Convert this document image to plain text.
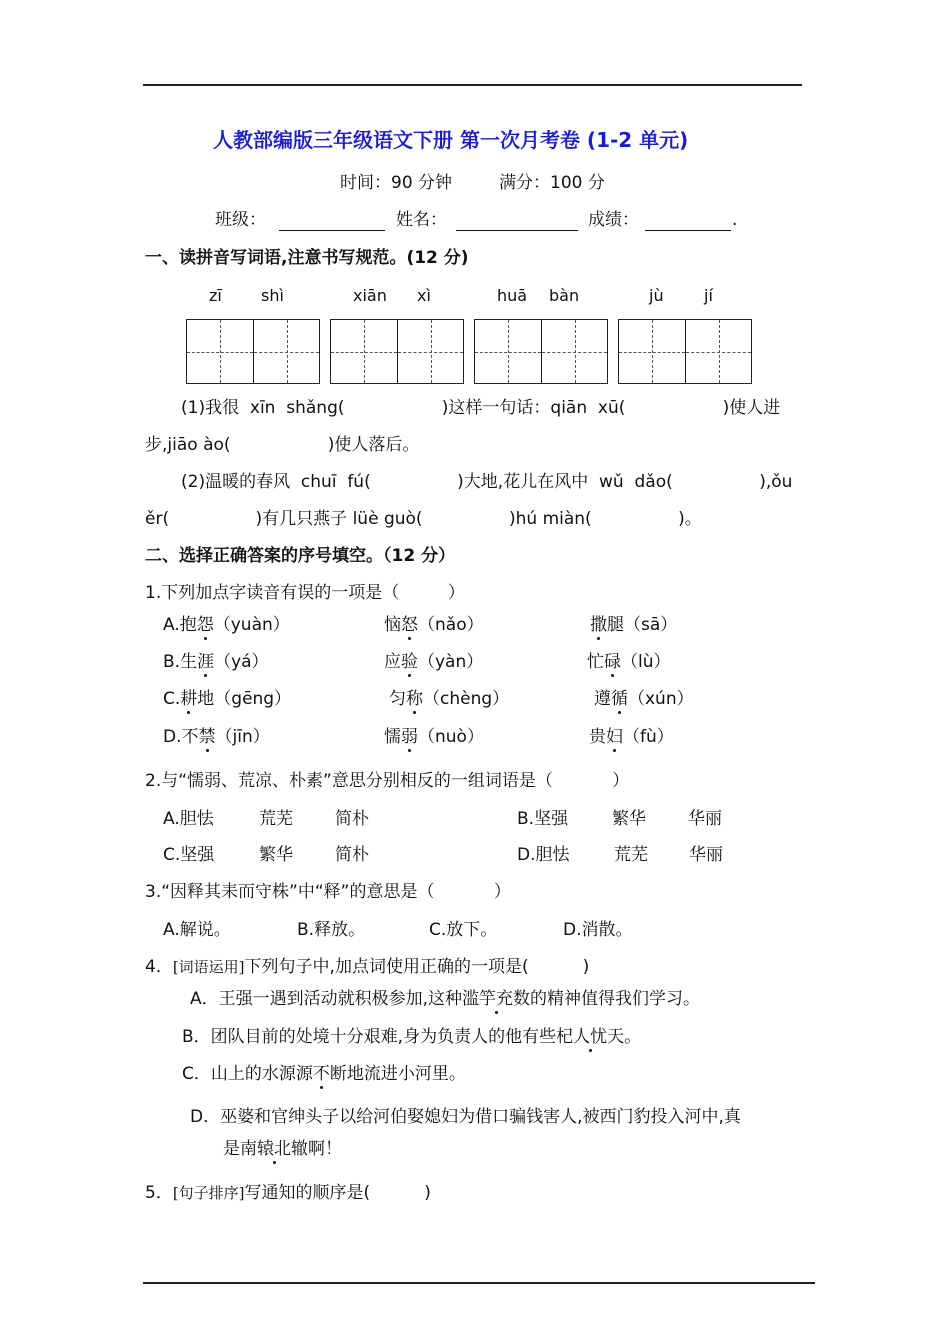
人教部编版三年级语文下册 第一次月考卷 (1-2 单元)
时间：90 分钟	满分：100 分
班级：	姓名：	成绩：	.
一、读拼音写词语,注意书写规范。(12 分)
zī shì	xiān xì	huā bàn	jù	jí
(1)我很  xīn  shǎng(                  )这样一句话：qiān  xū(                  )使人进
步,jiāo ào(                  )使人落后。
(2)温暖的春风  chuī  fú(                )大地,花儿在风中  wǔ  dǎo(                ),ǒu
ěr(                )有几只燕子 lüè guò(                )hú miàn(                )。
二、选择正确答案的序号填空。（12 分）
1.下列加点字读音有误的一项是（         ）
A.抱怨（yuàn）	恼怒（nǎo）	撒腿（sā）
B.生涯（yá）	应验（yàn）	忙碌（lù）
C.耕地（gēng）	匀称（chèng）	遵循（xún）
D.不禁（jīn）	懦弱（nuò）	贵妇（fù）
2.与“懦弱、荒凉、朴素”意思分别相反的一组词语是（           ）
A.胆怯	荒芜 简朴	B.坚强	繁华 华丽
C.坚强	繁华 简朴	D.胆怯	荒芜 华丽
3.“因释其耒而守株”中“释”的意思是（           ）
A.解说。	B.释放。	C.放下。	D.消散。
4．[词语运用]下列句子中,加点词使用正确的一项是(          )
A．王强一遇到活动就积极参加,这种滥竽充数的精神值得我们学习。
B．团队目前的处境十分艰难,身为负责人的他有些杞人忧天。
C．山上的水源源不断地流进小河里。
D．巫婆和官绅头子以给河伯娶媳妇为借口骗钱害人,被西门豹投入河中,真
是南辕北辙啊！
5．[句子排序]写通知的顺序是(          )
